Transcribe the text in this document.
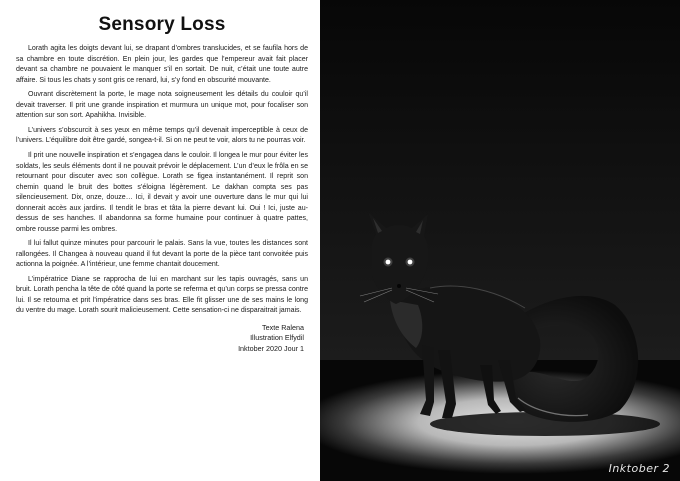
Sensory Loss

Lorath agita les doigts devant lui, se drapant d’ombres translucides, et se faufila hors de sa chambre en toute discrétion. En plein jour, les gardes que l’empereur avait fait placer devant sa chambre ne pouvaient le manquer s’il en sortait. De nuit, c’était une toute autre affaire. Si tous les chats y sont gris ce renard, lui, s’y fond en obscurité mouvante.

Ouvrant discrètement la porte, le mage nota soigneusement les détails du couloir qu’il devait traverser. Il prit une grande inspiration et murmura un unique mot, pour focaliser son attention sur son sort. Apahikha. Invisible.

L’univers s’obscurcit à ses yeux en même temps qu’il devenait imperceptible à ceux de l’univers. L’équilibre doit être gardé, songea-t-il. Si on ne peut te voir, alors tu ne pourras voir.

Il prit une nouvelle inspiration et s’engagea dans le couloir. Il longea le mur pour éviter les soldats, les seuls éléments dont il ne pouvait prévoir le déplacement. L’un d’eux le frôla en se retournant pour discuter avec son collègue. Lorath se figea instantanément. Il reprit son chemin quand le bruit des bottes s’éloigna légèrement. Le dakhan compta ses pas silencieusement. Dix, onze, douze… Ici, il devait y avoir une ouverture dans le mur qui lui donnerait accès aux jardins. Il tendit le bras et tâta la pierre devant lui. Oui ! Ici, juste au-dessus de ses hanches. Il abandonna sa forme humaine pour continuer à quatre pattes, ombre rousse parmi les ombres.

Il lui fallut quinze minutes pour parcourir le palais. Sans la vue, toutes les distances sont rallongées. Il Changea à nouveau quand il fut devant la porte de la pièce tant convoitée puis actionna la poignée. A l’intérieur, une femme chantait doucement.

L’impératrice Diane se rapprocha de lui en marchant sur les tapis ouvragés, sans un bruit. Lorath pencha la tête de côté quand la porte se referma et qu’un corps se pressa contre lui. Il se retourna et prit l’impératrice dans ses bras. Elle fit glisser une de ses mains le long du ventre du mage. Lorath sourit malicieusement. Cette sensation-ci ne disparaitrait jamais.

Texte Ralena
Illustration Elfydil
Inktober 2020 Jour 1
Inktober 2
